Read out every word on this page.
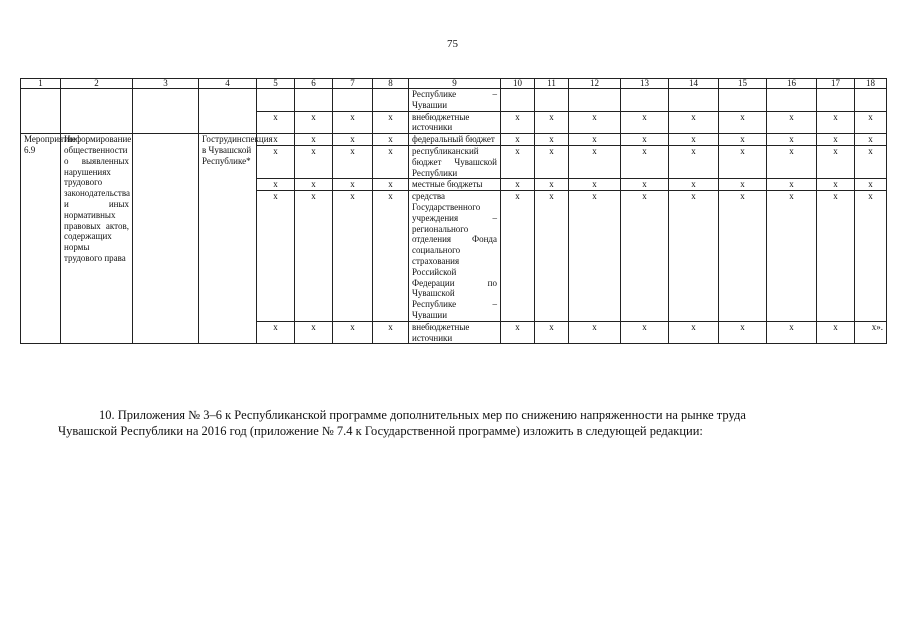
75
1	2	3	4	5	6	7	8	9	10	11	12	13	14	15	16	17	18
								Республике – Чувашии									
				х	х	х	х	внебюджетные источники	х	х	х	х	х	х	х	х	х
Мероприятие 6.9	Информирование общественности о выявленных нарушениях трудового законодательства и иных нормативных правовых актов, содержащих нормы трудового права		Гострудинспекция в Чувашской Республике*	х	х	х	х	федеральный бюджет	х	х	х	х	х	х	х	х	х
				х	х	х	х	республиканский бюджет Чувашской Республики	х	х	х	х	х	х	х	х	х
				х	х	х	х	местные бюджеты	х	х	х	х	х	х	х	х	х
				х	х	х	х	средства Государственного учреждения – регионального отделения Фонда социального страхования Российской Федерации по Чувашской Республике – Чувашии	х	х	х	х	х	х	х	х	х
				х	х	х	х	внебюджетные источники	х	х	х	х	х	х	х	х	х».
10. Приложения № 3–6 к Республиканской программе дополнительных мер по снижению напряженности на рынке труда
Чувашской Республики на 2016 год (приложение № 7.4 к Государственной программе) изложить в следующей редакции:
